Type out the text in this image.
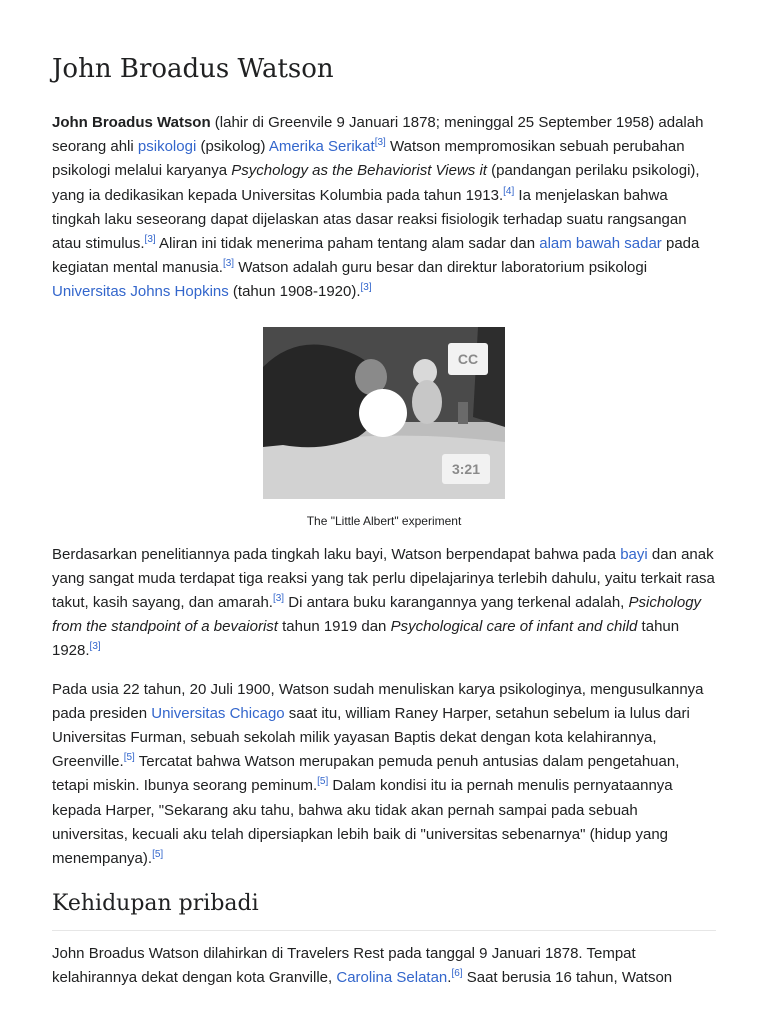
John Broadus Watson

John Broadus Watson (lahir di Greenvile 9 Januari 1878; meninggal 25 September 1958) adalah seorang ahli psikologi (psikolog) Amerika Serikat[3] Watson mempromosikan sebuah perubahan psikologi melalui karyanya Psychology as the Behaviorist Views it (pandangan perilaku psikologi), yang ia dedikasikan kepada Universitas Kolumbia pada tahun 1913.[4] Ia menjelaskan bahwa tingkah laku seseorang dapat dijelaskan atas dasar reaksi fisiologik terhadap suatu rangsangan atau stimulus.[3] Aliran ini tidak menerima paham tentang alam sadar dan alam bawah sadar pada kegiatan mental manusia.[3] Watson adalah guru besar dan direktur laboratorium psikologi Universitas Johns Hopkins (tahun 1908-1920).[3]

CC
3:21
The "Little Albert" experiment

Berdasarkan penelitiannya pada tingkah laku bayi, Watson berpendapat bahwa pada bayi dan anak yang sangat muda terdapat tiga reaksi yang tak perlu dipelajarinya terlebih dahulu, yaitu terkait rasa takut, kasih sayang, dan amarah.[3] Di antara buku karangannya yang terkenal adalah, Psichology from the standpoint of a bevaiorist tahun 1919 dan Psychological care of infant and child tahun 1928.[3]

Pada usia 22 tahun, 20 Juli 1900, Watson sudah menuliskan karya psikologinya, mengusulkannya pada presiden Universitas Chicago saat itu, william Raney Harper, setahun sebelum ia lulus dari Universitas Furman, sebuah sekolah milik yayasan Baptis dekat dengan kota kelahirannya, Greenville.[5] Tercatat bahwa Watson merupakan pemuda penuh antusias dalam pengetahuan, tetapi miskin. Ibunya seorang peminum.[5] Dalam kondisi itu ia pernah menulis pernyataannya kepada Harper, "Sekarang aku tahu, bahwa aku tidak akan pernah sampai pada sebuah universitas, kecuali aku telah dipersiapkan lebih baik di "universitas sebenarnya" (hidup yang menempanya).[5]

Kehidupan pribadi

John Broadus Watson dilahirkan di Travelers Rest pada tanggal 9 Januari 1878. Tempat kelahirannya dekat dengan kota Granville, Carolina Selatan.[6] Saat berusia 16 tahun, Watson
